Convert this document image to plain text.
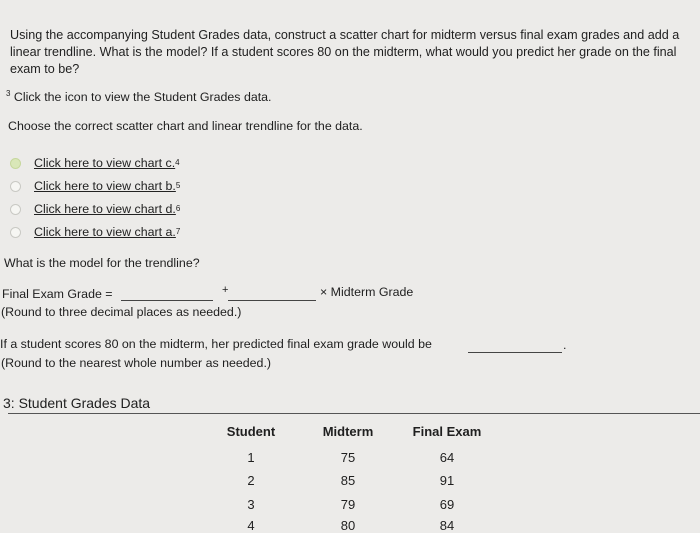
Using the accompanying Student Grades data, construct a scatter chart for midterm versus final exam grades and add a linear trendline. What is the model? If a student scores 80 on the midterm, what would you predict her grade on the final exam to be?
$^3$ Click the icon to view the Student Grades data.
Choose the correct scatter chart and linear trendline for the data.
Click here to view chart c. 4
Click here to view chart b. 5
Click here to view chart d. 6
Click here to view chart a. 7
What is the model for the trendline?
Final Exam Grade =	+	× Midterm Grade
(Round to three decimal places as needed.)
If a student scores 80 on the midterm, her predicted final exam grade would be	.
(Round to the nearest whole number as needed.)
3: Student Grades Data
Student	Midterm	Final Exam
1	75	64
2	85	91
3	79	69
4	80	84
